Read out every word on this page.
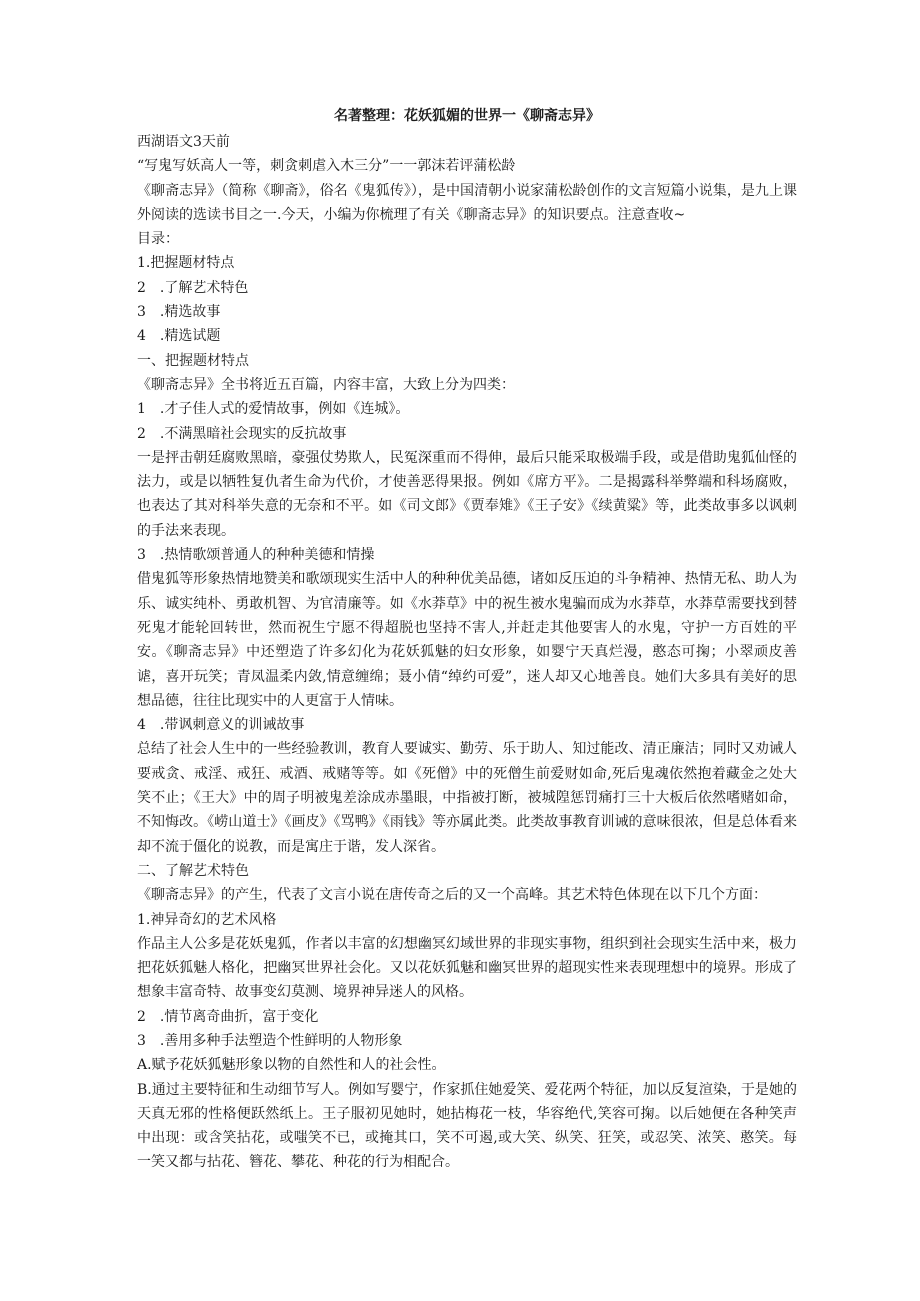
名著整理：花妖狐媚的世界一《聊斋志异》
西湖语文3天前
“写鬼写妖高人一等，刺贪刺虐入木三分”一一郭沫若评蒲松龄
《聊斋志异》（简称《聊斋》，俗名《鬼狐传》），是中国清朝小说家蒲松龄创作的文言短篇小说集，是九上课外阅读的选读书目之一.今天，小编为你梳理了有关《聊斋志异》的知识要点。注意查收~
目录：
1.把握题材特点
2　.了解艺术特色
3　.精选故事
4　.精选试题
一、把握题材特点
《聊斋志异》全书将近五百篇，内容丰富，大致上分为四类：
1　.才子佳人式的爱情故事，例如《连城》。
2　.不满黑暗社会现实的反抗故事
一是抨击朝廷腐败黑暗，豪强仗势欺人，民冤深重而不得伸，最后只能采取极端手段，或是借助鬼狐仙怪的法力，或是以牺牲复仇者生命为代价，才使善恶得果报。例如《席方平》。二是揭露科举弊端和科场腐败，也表达了其对科举失意的无奈和不平。如《司文郎》《贾奉雉》《王子安》《续黄粱》等，此类故事多以讽刺的手法来表现。
3　.热情歌颂普通人的种种美德和情操
借鬼狐等形象热情地赞美和歌颂现实生活中人的种种优美品德，诸如反压迫的斗争精神、热情无私、助人为乐、诚实纯朴、勇敢机智、为官清廉等。如《水莽草》中的祝生被水鬼骗而成为水莽草，水莽草需要找到替死鬼才能轮回转世，然而祝生宁愿不得超脱也坚持不害人,并赶走其他要害人的水鬼，守护一方百姓的平安。《聊斋志异》中还塑造了许多幻化为花妖狐魅的妇女形象，如婴宁天真烂漫，憨态可掬；小翠顽皮善谑，喜开玩笑；青凤温柔内敛,情意缠绵；聂小倩“绰约可爱”，迷人却又心地善良。她们大多具有美好的思想品德，往往比现实中的人更富于人情味。
4　.带讽刺意义的训诫故事
总结了社会人生中的一些经验教训，教育人要诚实、勤劳、乐于助人、知过能改、清正廉洁；同时又劝诫人要戒贪、戒淫、戒狂、戒酒、戒赌等等。如《死僧》中的死僧生前爱财如命,死后鬼魂依然抱着藏金之处大笑不止；《王大》中的周子明被鬼差涂成赤墨眼，中指被打断，被城隍惩罚痛打三十大板后依然嗜赌如命，不知悔改。《崂山道士》《画皮》《骂鸭》《雨钱》等亦属此类。此类故事教育训诫的意味很浓，但是总体看来却不流于僵化的说教，而是寓庄于谐，发人深省。
二、了解艺术特色
《聊斋志异》的产生，代表了文言小说在唐传奇之后的又一个高峰。其艺术特色体现在以下几个方面：
1.神异奇幻的艺术风格
作品主人公多是花妖鬼狐，作者以丰富的幻想幽冥幻域世界的非现实事物，组织到社会现实生活中来，极力把花妖狐魅人格化，把幽冥世界社会化。又以花妖狐魅和幽冥世界的超现实性来表现理想中的境界。形成了想象丰富奇特、故事变幻莫测、境界神异迷人的风格。
2　.情节离奇曲折，富于变化
3　.善用多种手法塑造个性鲜明的人物形象
A.赋予花妖狐魅形象以物的自然性和人的社会性。
B.通过主要特征和生动细节写人。例如写婴宁，作家抓住她爱笑、爱花两个特征，加以反复渲染，于是她的天真无邪的性格便跃然纸上。王子服初见她时，她拈梅花一枝，华容绝代,笑容可掬。以后她便在各种笑声中出现：或含笑拈花，或嗤笑不已，或掩其口，笑不可遏,或大笑、纵笑、狂笑，或忍笑、浓笑、憨笑。每一笑又都与拈花、簪花、攀花、种花的行为相配合。
